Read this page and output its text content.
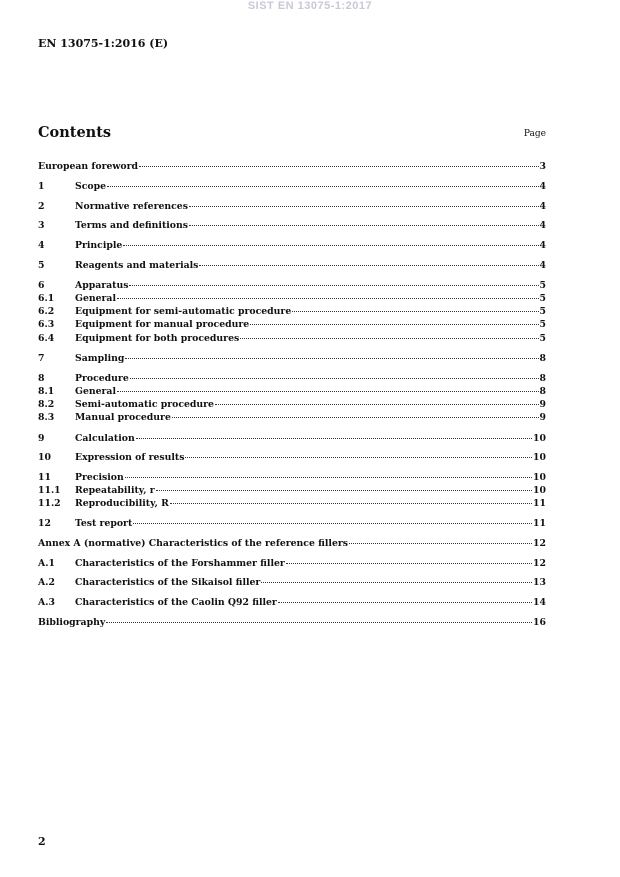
SIST EN 13075-1:2017
EN 13075-1:2016 (E)
Contents	Page
European foreword	3
1	Scope	4
2	Normative references	4
3	Terms and definitions	4
4	Principle	4
5	Reagents and materials	4
6	Apparatus	5
6.1	General	5
6.2	Equipment for semi-automatic procedure	5
6.3	Equipment for manual procedure	5
6.4	Equipment for both procedures	5
7	Sampling	8
8	Procedure	8
8.1	General	8
8.2	Semi-automatic procedure	9
8.3	Manual procedure	9
9	Calculation	10
10	Expression of results	10
11	Precision	10
11.1	Repeatability, r	10
11.2	Reproducibility, R	11
12	Test report	11
Annex A (normative) Characteristics of the reference fillers	12
A.1	Characteristics of the Forshammer filler	12
A.2	Characteristics of the Sikaisol filler	13
A.3	Characteristics of the Caolin Q92 filler	14
Bibliography	16
2
